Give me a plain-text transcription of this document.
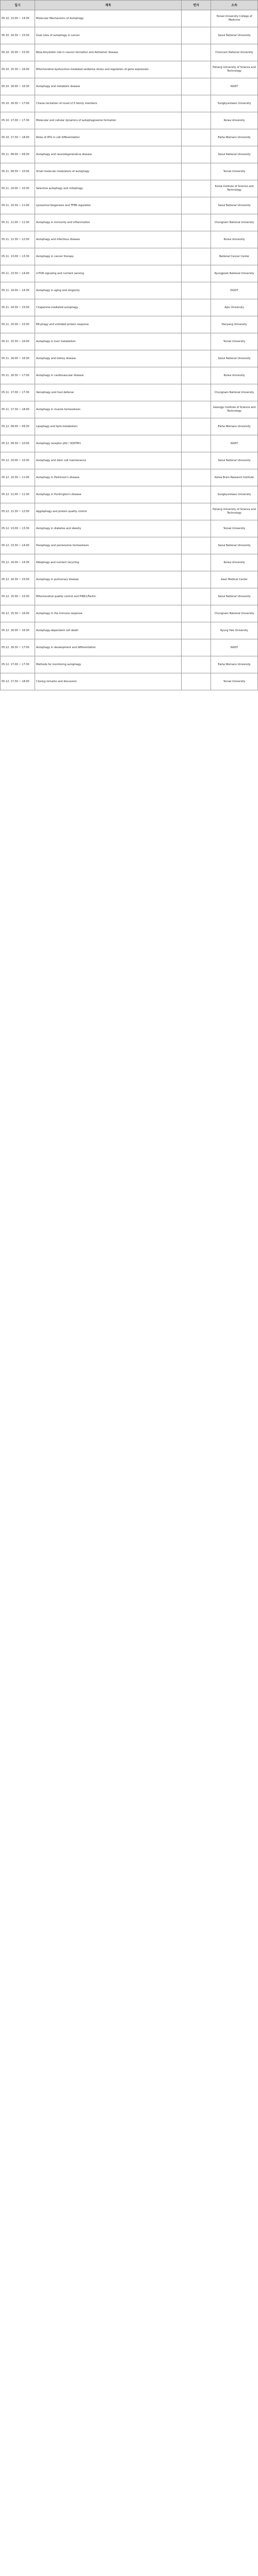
일시	제목	연자	소속
05.10. 13:00 ~ 14:30	Molecular Mechanisms of Autophagy		Yonsei University College of Medicine
05.10. 14:30 ~ 15:00	Dual roles of autophagy in cancer		Seoul National University
05.10. 15:00 ~ 15:30	Beta-Amyloidm role in neuron formation and Alzheimer disease		Chonnam National University
05.10. 15:30 ~ 16:00	Mitochondrial dysfunction-mediated oxidative stress and regulation of gene expression		Pohang University of Science and Technology
05.10. 16:00 ~ 16:30	Autophagy and metabolic disease		KAIST
05.10. 16:30 ~ 17:00	Charac-terization of novel LC3 family members		Sungkyunkwan University
05.10. 17:00 ~ 17:30	Molecular and cellular dynamics of autophagosome formation		Korea University
05.10. 17:30 ~ 18:00	Roles of ATG in cell differentiation		Ewha Womans University
05.11. 09:00 ~ 09:30	Autophagy and neurodegenerative disease		Seoul National University
05.11. 09:30 ~ 10:00	Small molecule modulators of autophagy		Yonsei University
05.11. 10:00 ~ 10:30	Selective autophagy and mitophagy		Korea Institute of Science and Technology
05.11. 10:30 ~ 11:00	Lysosomal biogenesis and TFEB regulation		Seoul National University
05.11. 11:00 ~ 11:30	Autophagy in immunity and inflammation		Chungnam National University
05.11. 11:30 ~ 12:00	Autophagy and infectious disease		Korea University
05.11. 13:00 ~ 13:30	Autophagy in cancer therapy		National Cancer Center
05.11. 13:30 ~ 14:00	mTOR signaling and nutrient sensing		Kyungpook National University
05.11. 14:00 ~ 14:30	Autophagy in aging and longevity		DGIST
05.11. 14:30 ~ 15:00	Chaperone-mediated autophagy		Ajou University
05.11. 15:00 ~ 15:30	ER-phagy and unfolded protein response		Hanyang University
05.11. 15:30 ~ 16:00	Autophagy in liver metabolism		Yonsei University
05.11. 16:00 ~ 16:30	Autophagy and kidney disease		Seoul National University
05.11. 16:30 ~ 17:00	Autophagy in cardiovascular disease		Korea University
05.11. 17:00 ~ 17:30	Xenophagy and host defense		Chungnam National University
05.11. 17:30 ~ 18:00	Autophagy in muscle homeostasis		Gwangju Institute of Science and Technology
05.12. 09:00 ~ 09:30	Lipophagy and lipid metabolism		Ewha Womans University
05.12. 09:30 ~ 10:00	Autophagy receptor p62 / SQSTM1		KAIST
05.12. 10:00 ~ 10:30	Autophagy and stem cell maintenance		Seoul National University
05.12. 10:30 ~ 11:00	Autophagy in Parkinson's disease		Korea Brain Research Institute
05.12. 11:00 ~ 11:30	Autophagy in Huntington's disease		Sungkyunkwan University
05.12. 11:30 ~ 12:00	Aggrephagy and protein quality control		Pohang University of Science and Technology
05.12. 13:00 ~ 13:30	Autophagy in diabetes and obesity		Yonsei University
05.12. 13:30 ~ 14:00	Pexophagy and peroxisome homeostasis		Seoul National University
05.12. 14:00 ~ 14:30	Ribophagy and nutrient recycling		Korea University
05.12. 14:30 ~ 15:00	Autophagy in pulmonary disease		Asan Medical Center
05.12. 15:00 ~ 15:30	Mitochondrial quality control and PINK1/Parkin		Seoul National University
05.12. 15:30 ~ 16:00	Autophagy in the immune response		Chungnam National University
05.12. 16:00 ~ 16:30	Autophagy-dependent cell death		Kyung Hee University
05.12. 16:30 ~ 17:00	Autophagy in development and differentiation		KAIST
05.12. 17:00 ~ 17:30	Methods for monitoring autophagy		Ewha Womans University
05.12. 17:30 ~ 18:00	Closing remarks and discussion		Yonsei University
